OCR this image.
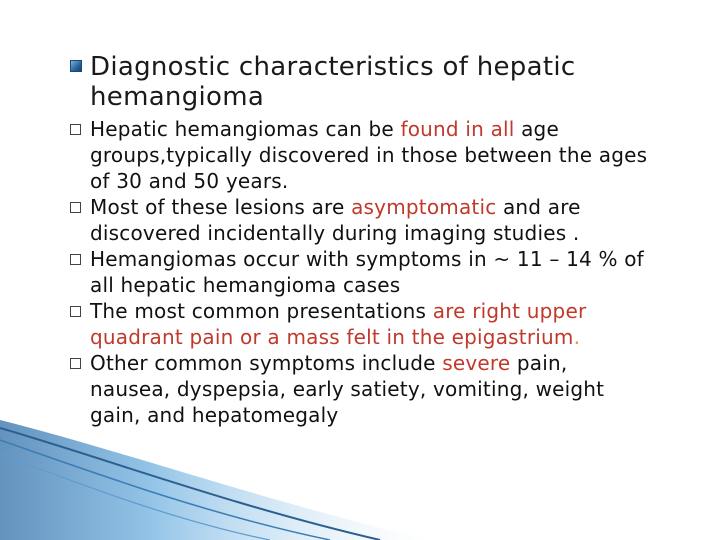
Diagnostic characteristics of hepatic
hemangioma
Hepatic hemangiomas can be found in all age groups,typically discovered in those between the ages of 30 and 50 years.
Most of these lesions are asymptomatic and are discovered incidentally during imaging studies .
Hemangiomas occur with symptoms in ~ 11 – 14 % of all hepatic hemangioma cases
The most common presentations are right upper quadrant pain or a mass felt in the epigastrium.
Other common symptoms include severe pain, nausea, dyspepsia, early satiety, vomiting, weight gain, and hepatomegaly
